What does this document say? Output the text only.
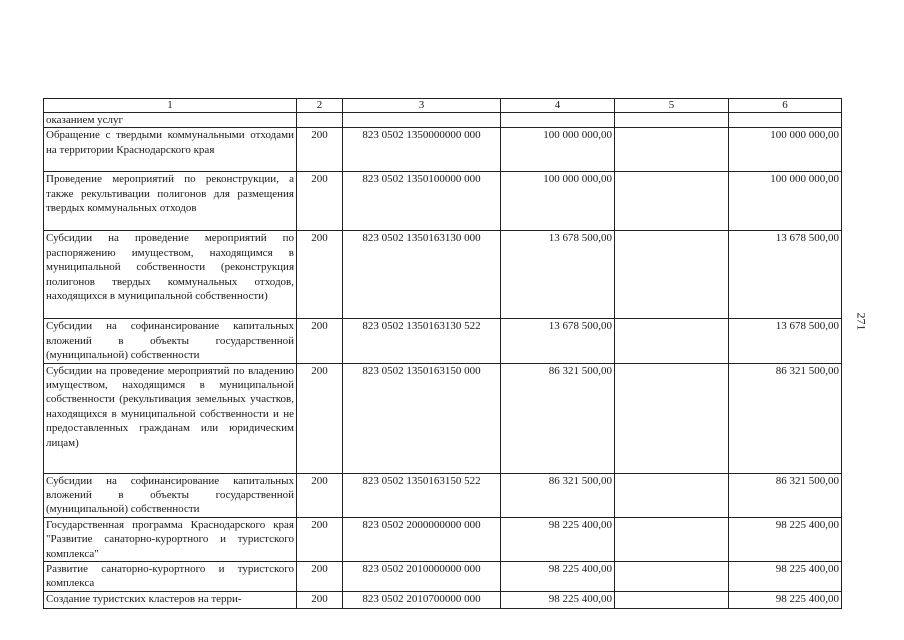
1	2	3	4	5	6
оказанием услуг					
Обращение с твердыми коммунальными отходами на территории Краснодарского края	200	823 0502 1350000000 000	100 000 000,00		100 000 000,00
Проведение мероприятий по реконструкции, а также рекультивации полигонов для размещения твердых коммунальных отходов	200	823 0502 1350100000 000	100 000 000,00		100 000 000,00
Субсидии на проведение мероприятий по распоряжению имуществом, находящимся в муниципальной собственности (реконструкция полигонов твердых коммунальных отходов, находящихся в муниципальной собственности)	200	823 0502 1350163130 000	13 678 500,00		13 678 500,00
Субсидии на софинансирование капитальных вложений в объекты государственной (муниципальной) собственности	200	823 0502 1350163130 522	13 678 500,00		13 678 500,00
Субсидии на проведение мероприятий по владению имуществом, находящимся в муниципальной собственности (рекультивация земельных участков, находящихся в муниципальной собственности и не предоставленных гражданам или юридическим лицам)	200	823 0502 1350163150 000	86 321 500,00		86 321 500,00
Субсидии на софинансирование капитальных вложений в объекты государственной (муниципальной) собственности	200	823 0502 1350163150 522	86 321 500,00		86 321 500,00
Государственная программа Краснодарского края "Развитие санаторно-курортного и туристского комплекса"	200	823 0502 2000000000 000	98 225 400,00		98 225 400,00
Развитие санаторно-курортного и туристского комплекса	200	823 0502 2010000000 000	98 225 400,00		98 225 400,00
Создание туристских кластеров на терри-	200	823 0502 2010700000 000	98 225 400,00		98 225 400,00
271
